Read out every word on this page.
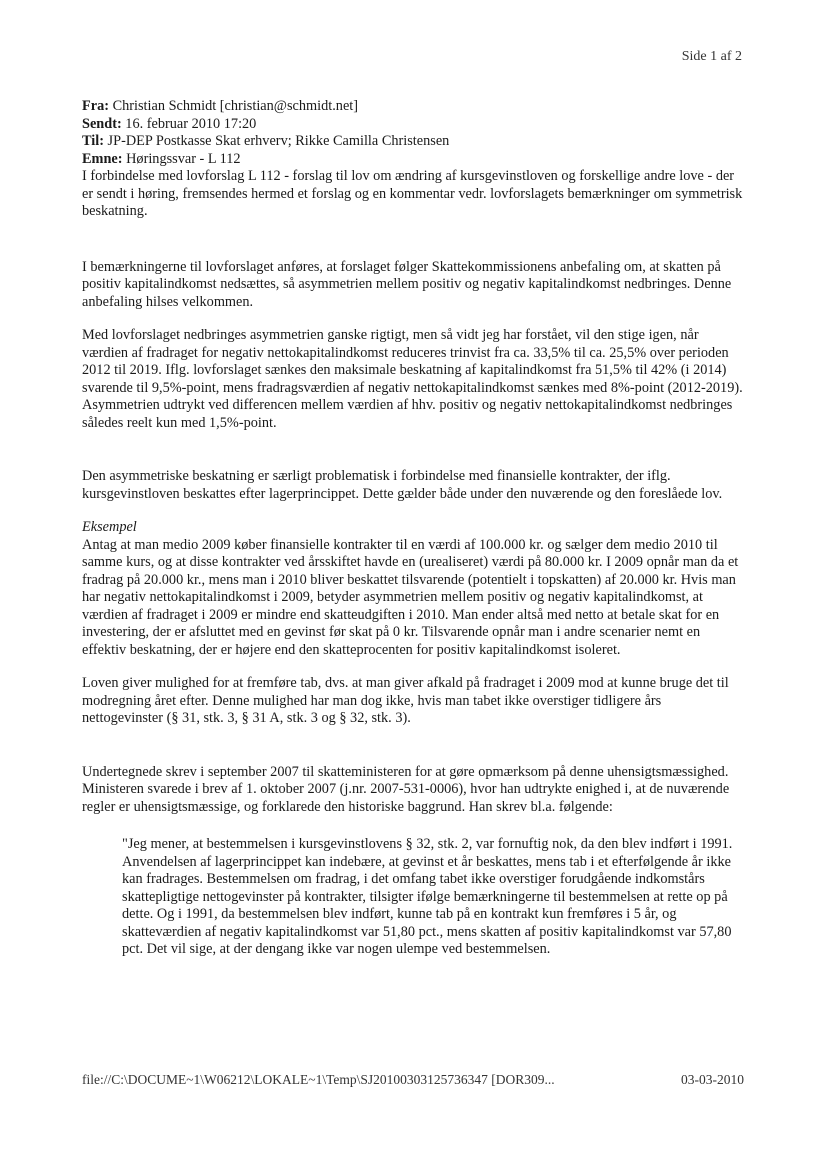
Side 1 af 2

Fra: Christian Schmidt [christian@schmidt.net]

Sendt: 16. februar 2010 17:20

Til: JP-DEP Postkasse Skat erhverv; Rikke Camilla Christensen

Emne: Høringssvar - L 112

I forbindelse med lovforslag L 112 - forslag til lov om ændring af kursgevinstloven og forskellige andre love - der er sendt i høring, fremsendes hermed et forslag og en kommentar vedr. lovforslagets bemærkninger om symmetrisk beskatning.

I bemærkningerne til lovforslaget anføres, at forslaget følger Skattekommissionens anbefaling om, at skatten på positiv kapitalindkomst nedsættes, så asymmetrien mellem positiv og negativ kapitalindkomst nedbringes. Denne anbefaling hilses velkommen.

Med lovforslaget nedbringes asymmetrien ganske rigtigt, men så vidt jeg har forstået, vil den stige igen, når værdien af fradraget for negativ nettokapitalindkomst reduceres trinvist fra ca. 33,5% til ca. 25,5% over perioden 2012 til 2019. Iflg. lovforslaget sænkes den maksimale beskatning af kapitalindkomst fra 51,5% til 42% (i 2014) svarende til 9,5%-point, mens fradragsværdien af negativ nettokapitalindkomst sænkes med 8%-point (2012-2019). Asymmetrien udtrykt ved differencen mellem værdien af hhv. positiv og negativ nettokapitalindkomst nedbringes således reelt kun med 1,5%-point.

Den asymmetriske beskatning er særligt problematisk i forbindelse med finansielle kontrakter, der iflg. kursgevinstloven beskattes efter lagerprincippet. Dette gælder både under den nuværende og den foreslåede lov.

Eksempel

Antag at man medio 2009 køber finansielle kontrakter til en værdi af 100.000 kr. og sælger dem medio 2010 til samme kurs, og at disse kontrakter ved årsskiftet havde en (urealiseret) værdi på 80.000 kr. I 2009 opnår man da et fradrag på 20.000 kr., mens man i 2010 bliver beskattet tilsvarende (potentielt i topskatten) af 20.000 kr. Hvis man har negativ nettokapitalindkomst i 2009, betyder asymmetrien mellem positiv og negativ kapitalindkomst, at værdien af fradraget i 2009 er mindre end skatteudgiften i 2010. Man ender altså med netto at betale skat for en investering, der er afsluttet med en gevinst før skat på 0 kr. Tilsvarende opnår man i andre scenarier nemt en effektiv beskatning, der er højere end den skatteprocenten for positiv kapitalindkomst isoleret.

Loven giver mulighed for at fremføre tab, dvs. at man giver afkald på fradraget i 2009 mod at kunne bruge det til modregning året efter. Denne mulighed har man dog ikke, hvis man tabet ikke overstiger tidligere års nettogevinster (§ 31, stk. 3, § 31 A, stk. 3 og § 32, stk. 3).

Undertegnede skrev i september 2007 til skatteministeren for at gøre opmærksom på denne uhensigtsmæssighed. Ministeren svarede i brev af 1. oktober 2007 (j.nr. 2007-531-0006), hvor han udtrykte enighed i, at de nuværende regler er uhensigtsmæssige, og forklarede den historiske baggrund. Han skrev bl.a. følgende:

"Jeg mener, at bestemmelsen i kursgevinstlovens § 32, stk. 2, var fornuftig nok, da den blev indført i 1991. Anvendelsen af lagerprincippet kan indebære, at gevinst et år beskattes, mens tab i et efterfølgende år ikke kan fradrages. Bestemmelsen om fradrag, i det omfang tabet ikke overstiger forudgående indkomstårs skattepligtige nettogevinster på kontrakter, tilsigter ifølge bemærkningerne til bestemmelsen at rette op på dette. Og i 1991, da bestemmelsen blev indført, kunne tab på en kontrakt kun fremføres i 5 år, og skatteværdien af negativ kapitalindkomst var 51,80 pct., mens skatten af positiv kapitalindkomst var 57,80 pct. Det vil sige, at der dengang ikke var nogen ulempe ved bestemmelsen.

file://C:\DOCUME~1\W06212\LOKALE~1\Temp\SJ20100303125736347 [DOR309...	03-03-2010
